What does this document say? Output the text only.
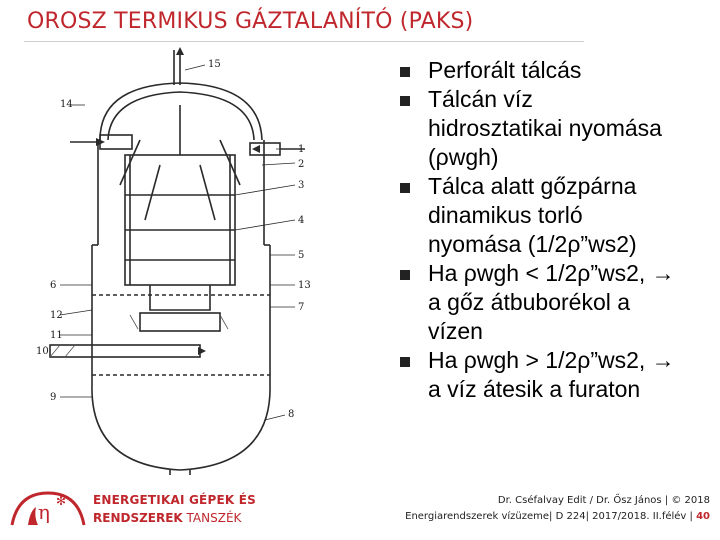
OROSZ TERMIKUS GÁZTALANÍTÓ (PAKS)
15
14
1
2
3
4
5
6	13
7
12
11
10
9
8
Perforált tálcás
Tálcán víz
hidrosztatikai nyomása
(ρwgh)
Tálca alatt gőzpárna
dinamikus torló
nyomása (1/2ρ”ws2)
Ha ρwgh < 1/2ρ”ws2, →
a gőz átbuborékol a
vízen
Ha ρwgh > 1/2ρ”ws2, →
a víz átesik a furaton
η ✻ ENERGETIKAI GÉPEK ÉS
RENDSZEREK TANSZÉK
Dr. Cséfalvay Edit / Dr. Ősz János | © 2018
Energiarendszerek vízüzeme| D 224| 2017/2018. II.félév | 40
